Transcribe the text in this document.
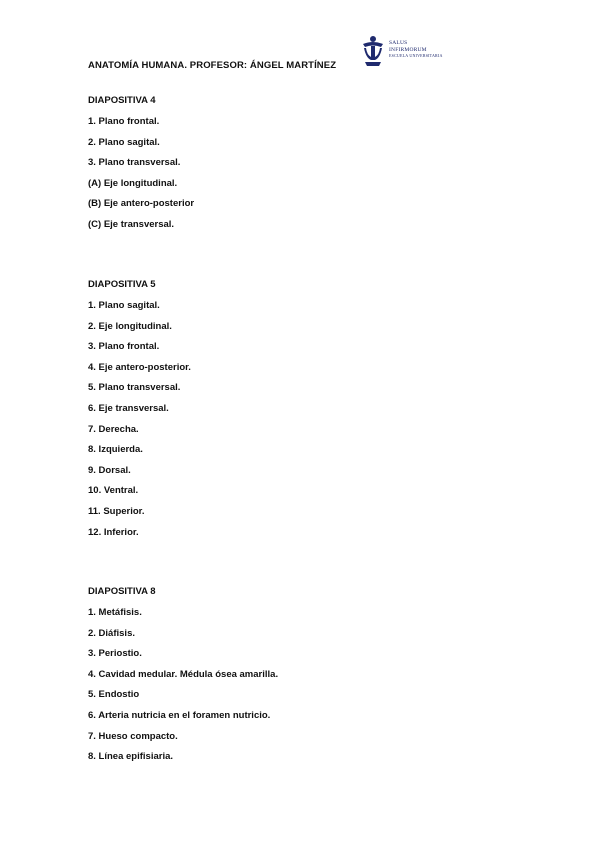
SALUS
INFIRMORUM
ESCUELA UNIVERSITARIA
ANATOMÍA HUMANA. PROFESOR: ÁNGEL MARTÍNEZ
DIAPOSITIVA 4
1. Plano frontal.
2. Plano sagital.
3. Plano transversal.
(A) Eje longitudinal.
(B) Eje antero-posterior
(C) Eje transversal.
DIAPOSITIVA 5
1. Plano sagital.
2. Eje longitudinal.
3. Plano frontal.
4. Eje antero-posterior.
5. Plano transversal.
6. Eje transversal.
7. Derecha.
8. Izquierda.
9. Dorsal.
10. Ventral.
11. Superior.
12. Inferior.
DIAPOSITIVA 8
1. Metáfisis.
2. Diáfisis.
3. Periostio.
4. Cavidad medular. Médula ósea amarilla.
5. Endostio
6. Arteria nutricia en el foramen nutricio.
7. Hueso compacto.
8. Línea epifisiaria.
